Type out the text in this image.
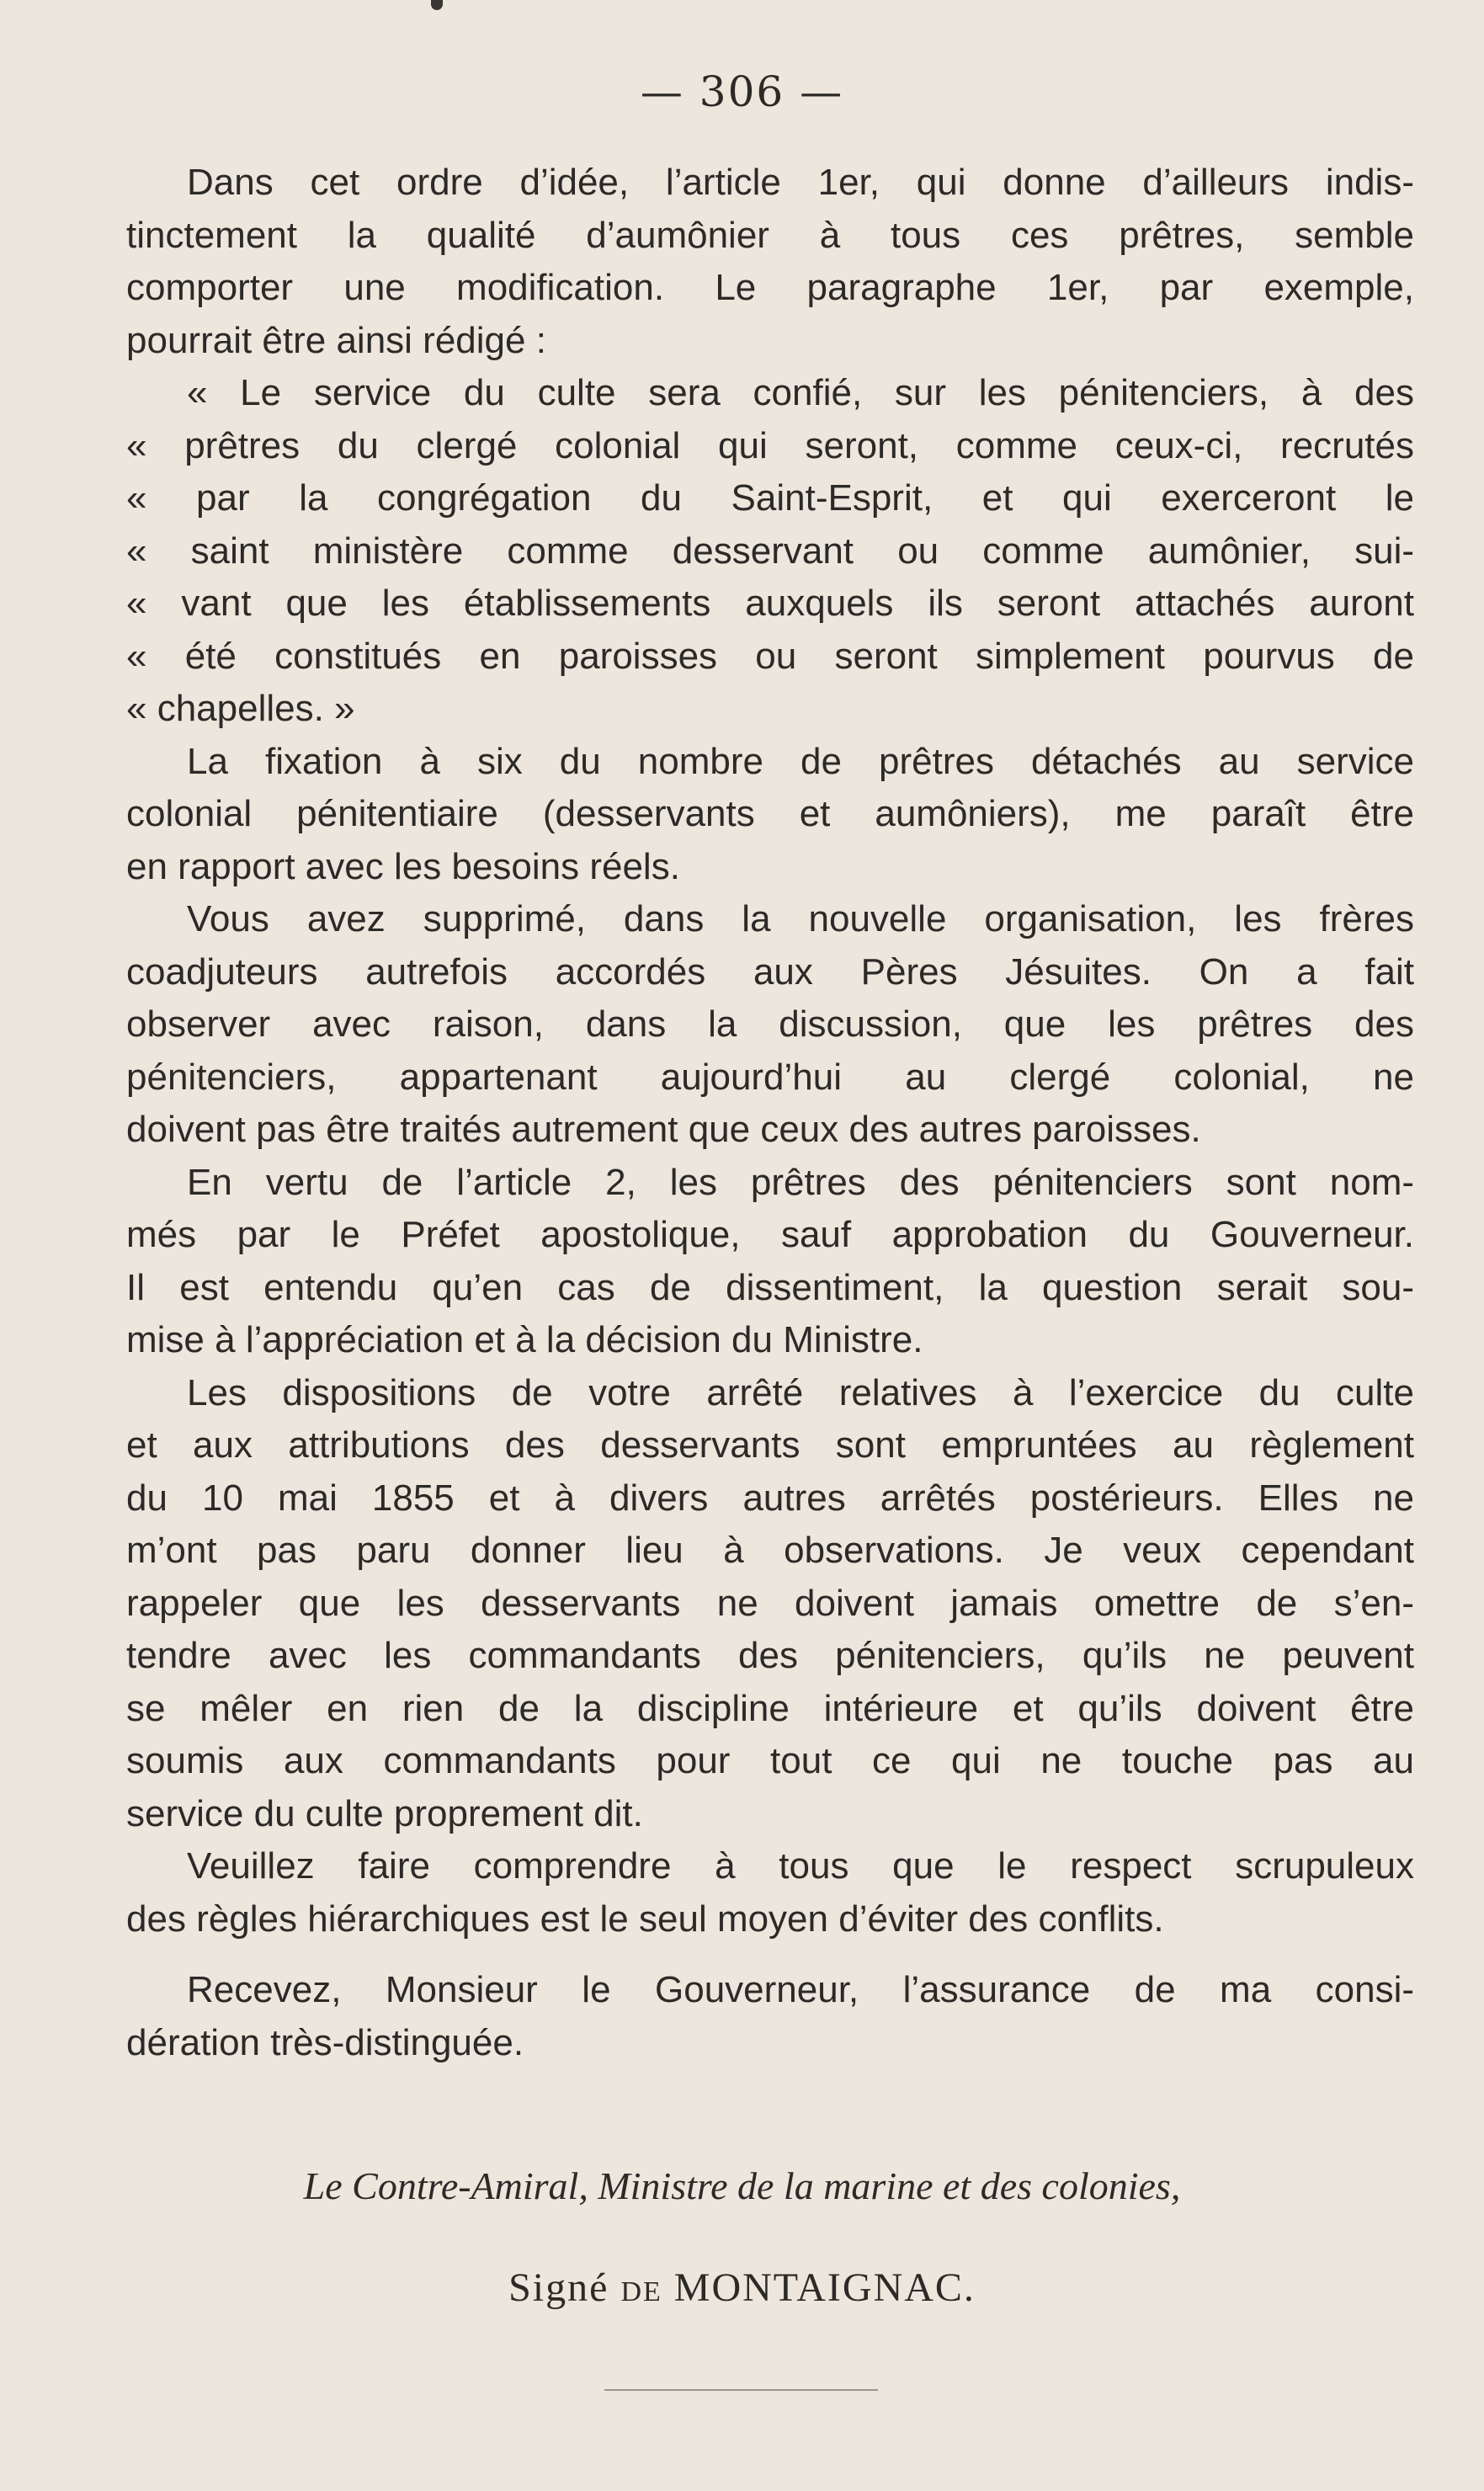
— 306 —
Dans cet ordre d’idée, l’article 1er, qui donne d’ailleurs indis-
tinctement la qualité d’aumônier à tous ces prêtres, semble
comporter une modification. Le paragraphe 1er, par exemple,
pourrait être ainsi rédigé :
« Le service du culte sera confié, sur les pénitenciers, à des
« prêtres du clergé colonial qui seront, comme ceux-ci, recrutés
« par la congrégation du Saint-Esprit, et qui exerceront le
« saint ministère comme desservant ou comme aumônier, sui-
« vant que les établissements auxquels ils seront attachés auront
« été constitués en paroisses ou seront simplement pourvus de
« chapelles. »
La fixation à six du nombre de prêtres détachés au service
colonial pénitentiaire (desservants et aumôniers), me paraît être
en rapport avec les besoins réels.
Vous avez supprimé, dans la nouvelle organisation, les frères
coadjuteurs autrefois accordés aux Pères Jésuites. On a fait
observer avec raison, dans la discussion, que les prêtres des
pénitenciers, appartenant aujourd’hui au clergé colonial, ne
doivent pas être traités autrement que ceux des autres paroisses.
En vertu de l’article 2, les prêtres des pénitenciers sont nom-
més par le Préfet apostolique, sauf approbation du Gouverneur.
Il est entendu qu’en cas de dissentiment, la question serait sou-
mise à l’appréciation et à la décision du Ministre.
Les dispositions de votre arrêté relatives à l’exercice du culte
et aux attributions des desservants sont empruntées au règlement
du 10 mai 1855 et à divers autres arrêtés postérieurs. Elles ne
m’ont pas paru donner lieu à observations. Je veux cependant
rappeler que les desservants ne doivent jamais omettre de s’en-
tendre avec les commandants des pénitenciers, qu’ils ne peuvent
se mêler en rien de la discipline intérieure et qu’ils doivent être
soumis aux commandants pour tout ce qui ne touche pas au
service du culte proprement dit.
Veuillez faire comprendre à tous que le respect scrupuleux
des règles hiérarchiques est le seul moyen d’éviter des conflits.
Recevez, Monsieur le Gouverneur, l’assurance de ma consi-
dération très-distinguée.
Le Contre-Amiral, Ministre de la marine et des colonies,
Signé de MONTAIGNAC.
